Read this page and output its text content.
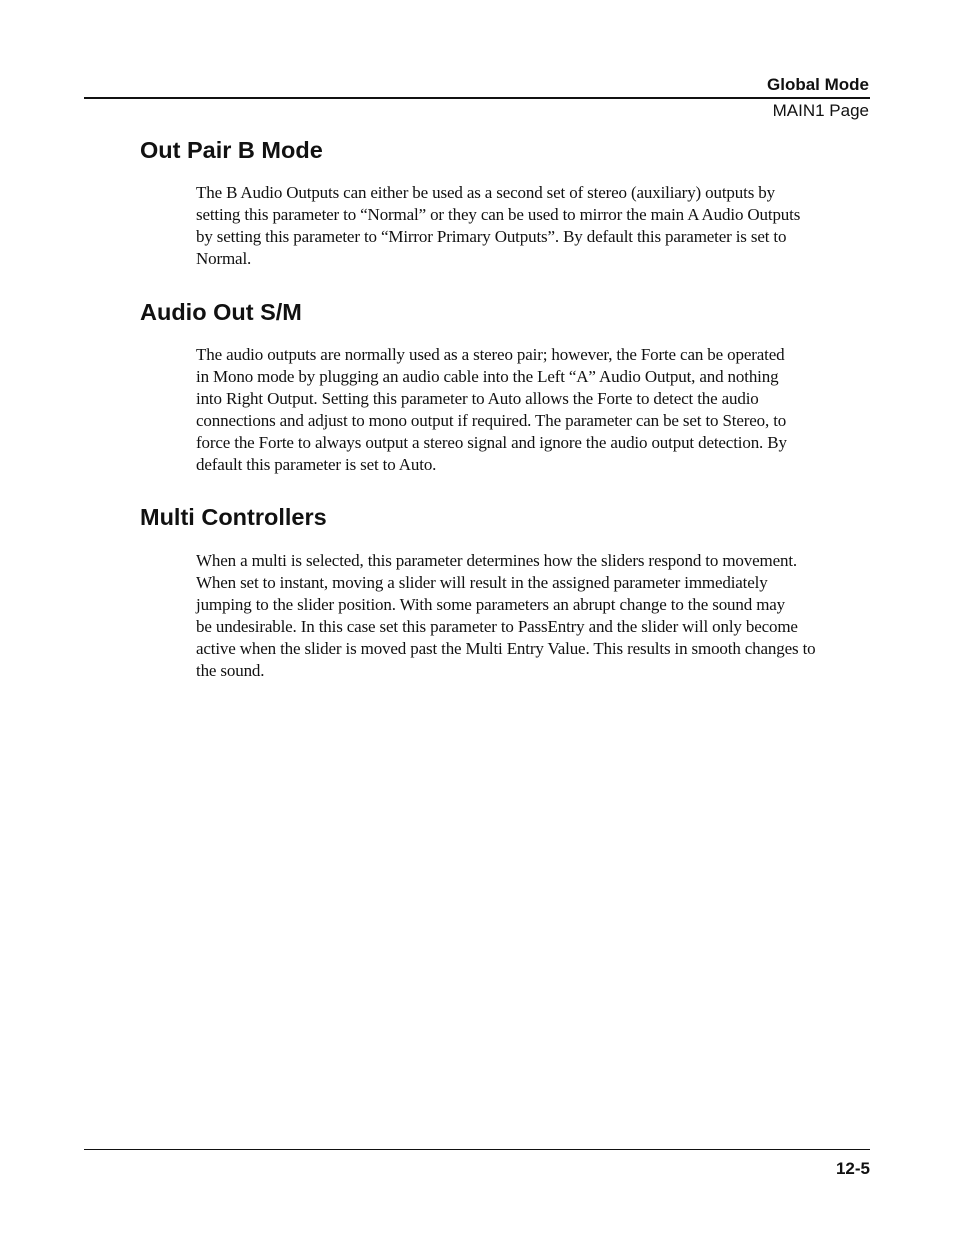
Global Mode
MAIN1 Page
Out Pair B Mode

The B Audio Outputs can either be used as a second set of stereo (auxiliary) outputs by
setting this parameter to “Normal” or they can be used to mirror the main A Audio Outputs
by setting this parameter to “Mirror Primary Outputs”. By default this parameter is set to
Normal.

Audio Out S/M

The audio outputs are normally used as a stereo pair; however, the Forte can be operated
in Mono mode by plugging an audio cable into the Left “A” Audio Output, and nothing
into Right Output. Setting this parameter to Auto allows the Forte to detect the audio
connections and adjust to mono output if required. The parameter can be set to Stereo, to
force the Forte to always output a stereo signal and ignore the audio output detection. By
default this parameter is set to Auto.

Multi Controllers

When a multi is selected, this parameter determines how the sliders respond to movement.
When set to instant, moving a slider will result in the assigned parameter immediately
jumping to the slider position. With some parameters an abrupt change to the sound may
be undesirable. In this case set this parameter to PassEntry and the slider will only become
active when the slider is moved past the Multi Entry Value. This results in smooth changes to
the sound.

12-5
